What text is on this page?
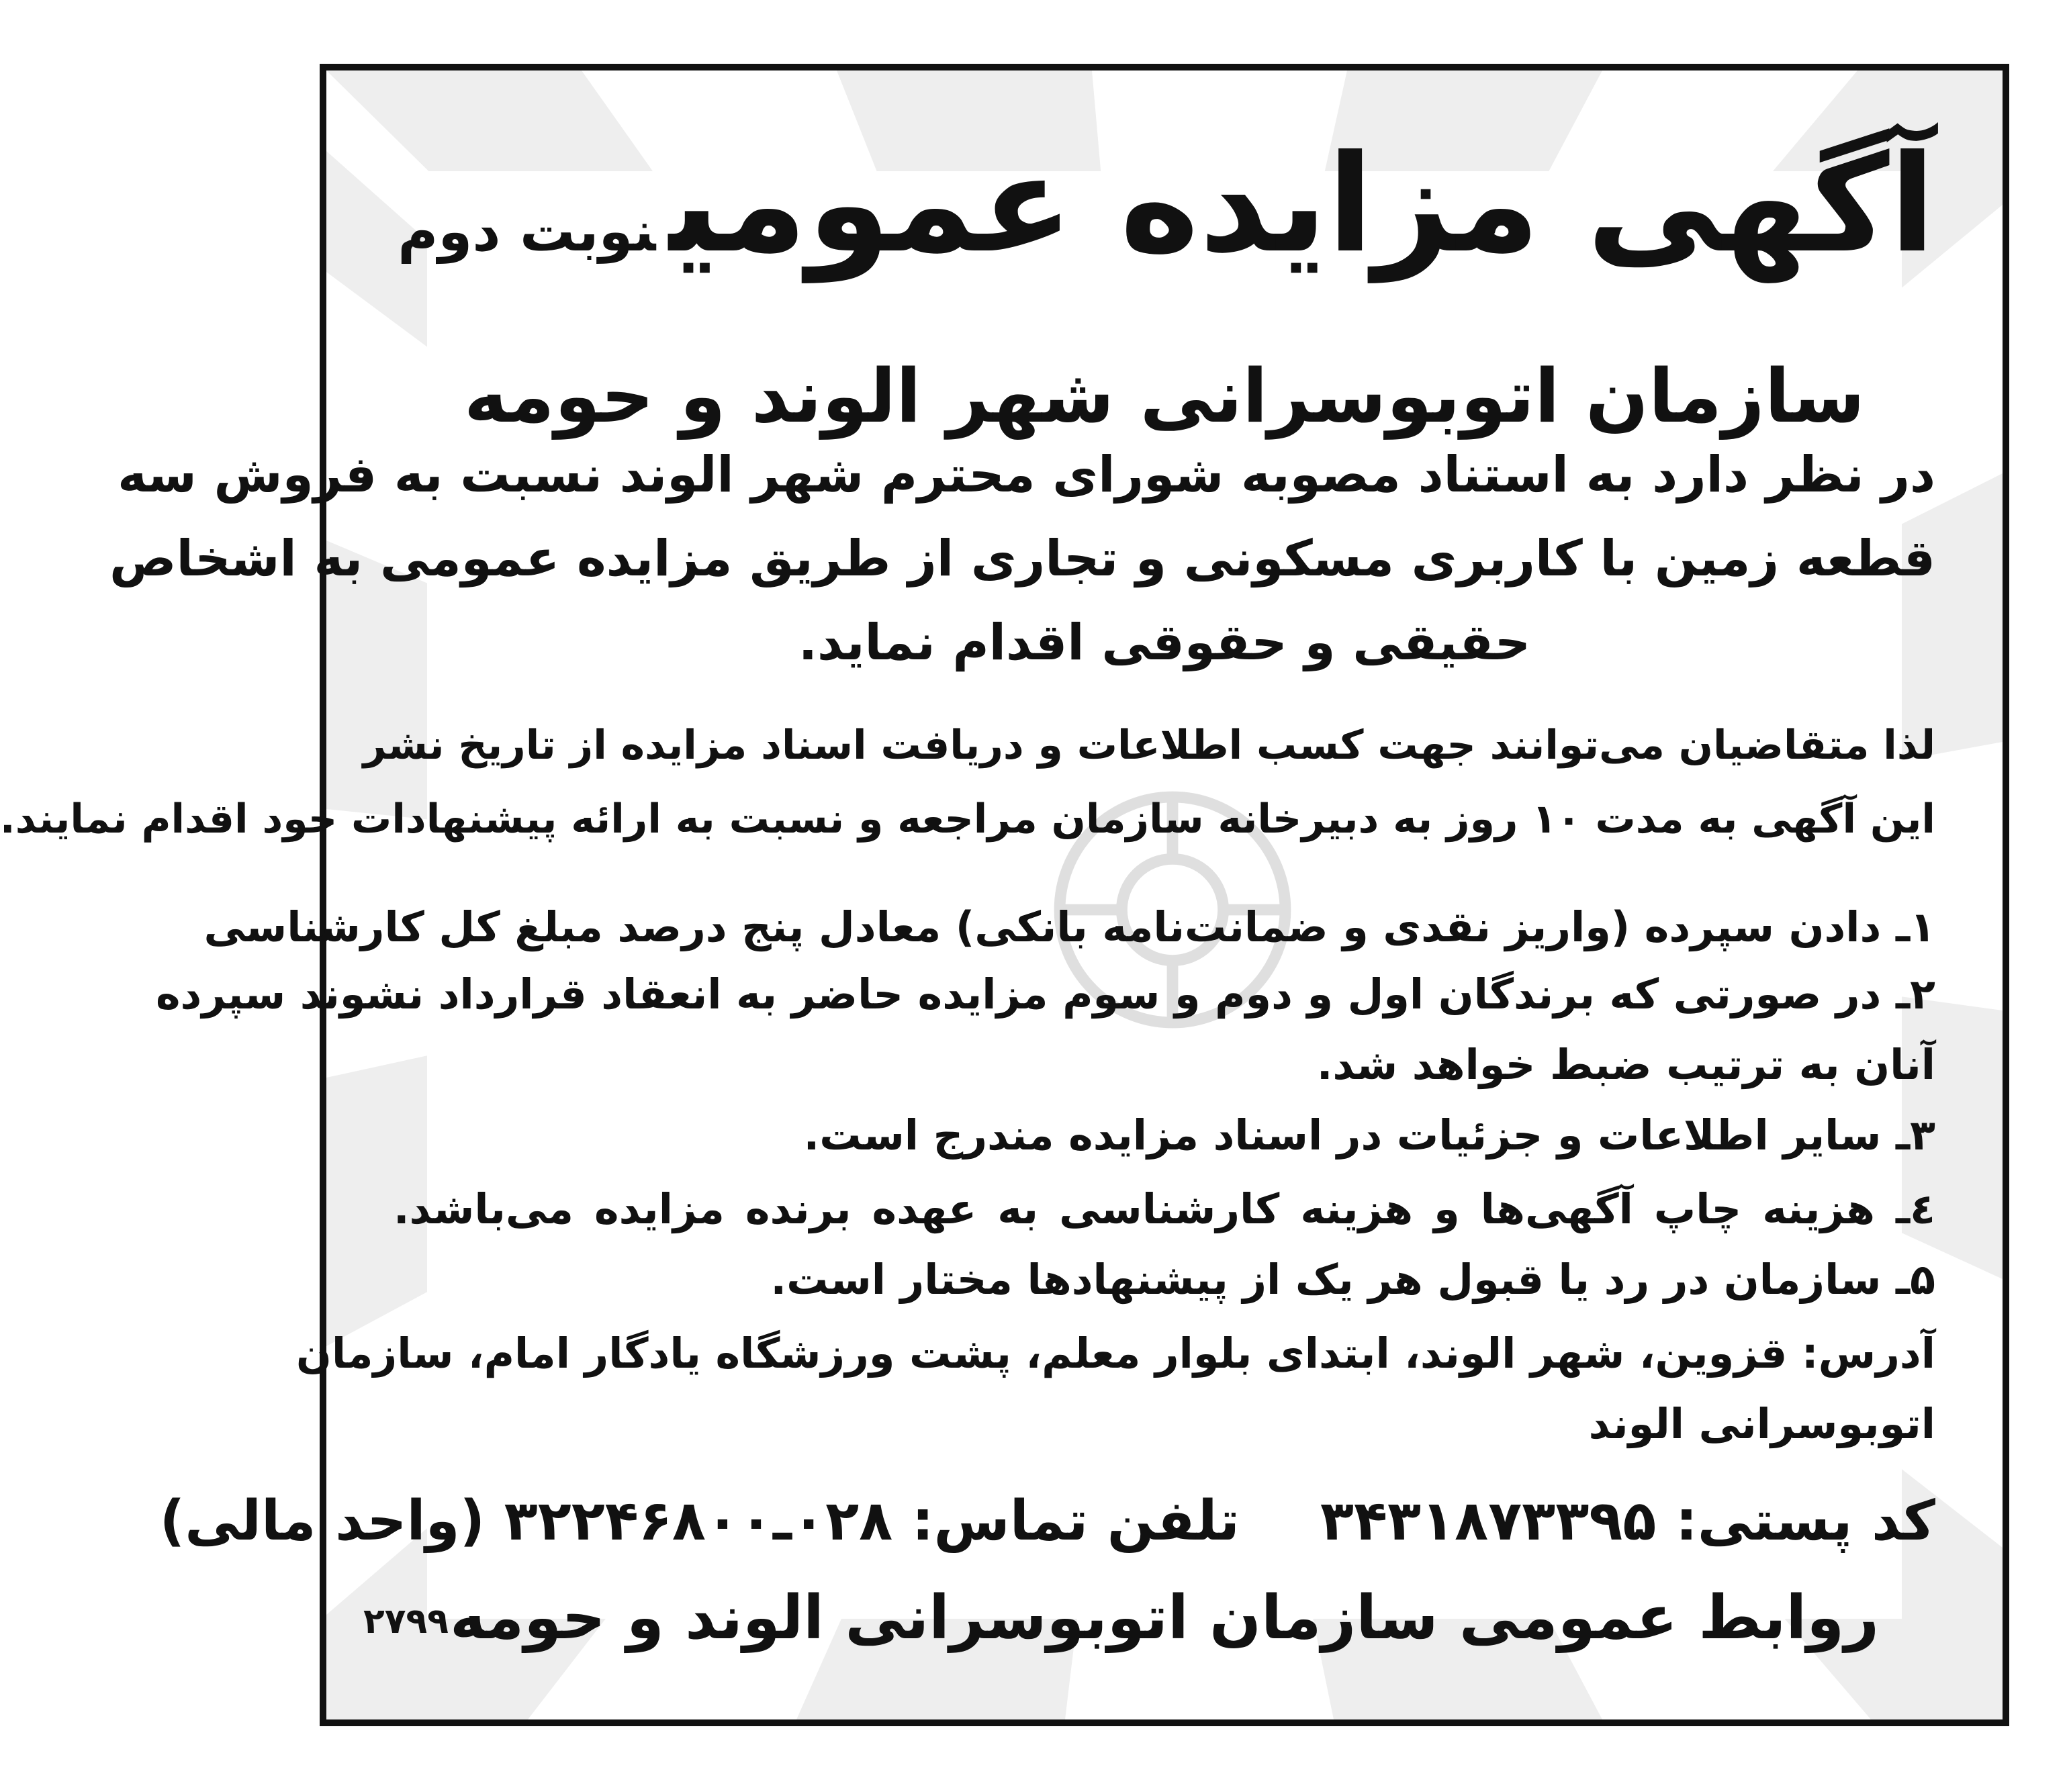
آگهی مزایده عمومینوبت دوم
سازمان اتوبوسرانی شهر الوند و حومه
در نظر دارد به استناد مصوبه شورای محترم شهر الوند نسبت به فروش سه
قطعه زمین با کاربری مسکونی و تجاری از طریق مزایده عمومی به اشخاص
حقیقی و حقوقی اقدام نماید.
لذا متقاضیان می‌توانند جهت کسب اطلاعات و دریافت اسناد مزایده از تاریخ نشر
این آگهی به مدت ۱۰ روز به دبیرخانه سازمان مراجعه و نسبت به ارائه پیشنهادات خود اقدام نمایند.
۱ـ دادن سپرده (واریز نقدی و ضمانت‌نامه بانکی) معادل پنج درصد مبلغ کل کارشناسی
۲ـ در صورتی که برندگان اول و دوم و سوم مزایده حاضر به انعقاد قرارداد نشوند سپرده
آنان به ترتیب ضبط خواهد شد.
۳ـ سایر اطلاعات و جزئیات در اسناد مزایده مندرج است.
٤ـ هزینه چاپ آگهی‌ها و هزینه کارشناسی به عهده برنده مزایده می‌باشد.
۵ـ سازمان در رد یا قبول هر یک از پیشنهادها مختار است.
آدرس: قزوین، شهر الوند، ابتدای بلوار معلم، پشت ورزشگاه یادگار امام، سازمان
اتوبوسرانی الوند
کد پستی: ۳۴۳۱۸۷۳۳۹۵تلفن تماس: ۰۲۸ـ۳۲۲۴۶۸۰۰ (واحد مالی)
روابط عمومی سازمان اتوبوسرانی الوند و حومه
۲۷۹۹
